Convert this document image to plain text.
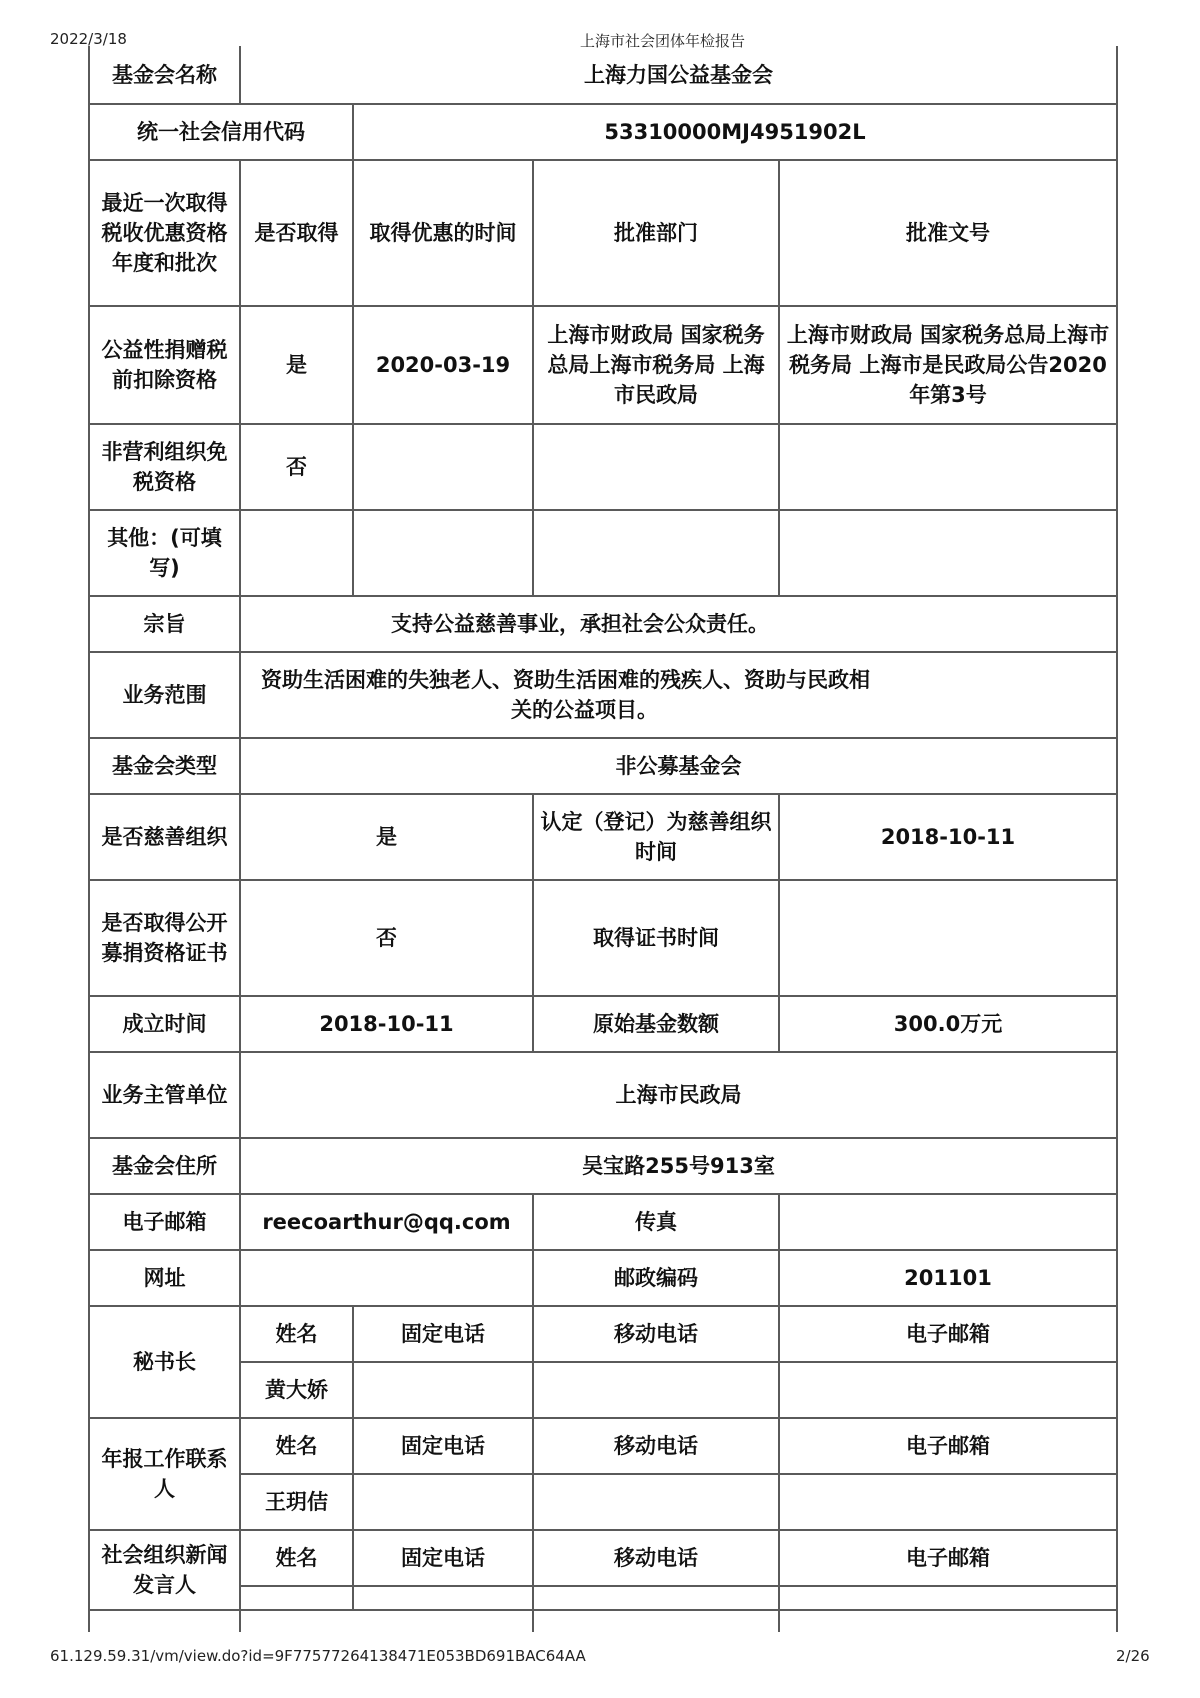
2022/3/18	上海市社会团体年检报告
基金会名称	上海力国公益基金会			
统一社会信用代码		53310000MJ4951902L		
最近一次取得税收优惠资格年度和批次	是否取得	取得优惠的时间	批准部门	批准文号
公益性捐赠税前扣除资格	是	2020-03-19	上海市财政局 国家税务总局上海市税务局 上海市民政局	上海市财政局 国家税务总局上海市税务局 上海市是民政局公告2020年第3号
非营利组织免税资格	否			
其他：(可填写)				
宗旨	支持公益慈善事业，承担社会公众责任。			
业务范围	资助生活困难的失独老人、资助生活困难的残疾人、资助与民政相
关的公益项目。			

基金会类型	非公募基金会			
是否慈善组织	是		认定（登记）为慈善组织时间	2018-10-11
是否取得公开募捐资格证书	否		取得证书时间	
成立时间	2018-10-11		原始基金数额	300.0万元
业务主管单位	上海市民政局			
基金会住所	吴宝路255号913室			
电子邮箱	reecoarthur@qq.com		传真	
网址			邮政编码	201101
秘书长	姓名	固定电话	移动电话	电子邮箱
	黄大娇			
年报工作联系人	姓名	固定电话	移动电话	电子邮箱
	王玥佶			
社会组织新闻发言人	姓名	固定电话	移动电话	电子邮箱

61.129.59.31/vm/view.do?id=9F77577264138471E053BD691BAC64AA	2/26
